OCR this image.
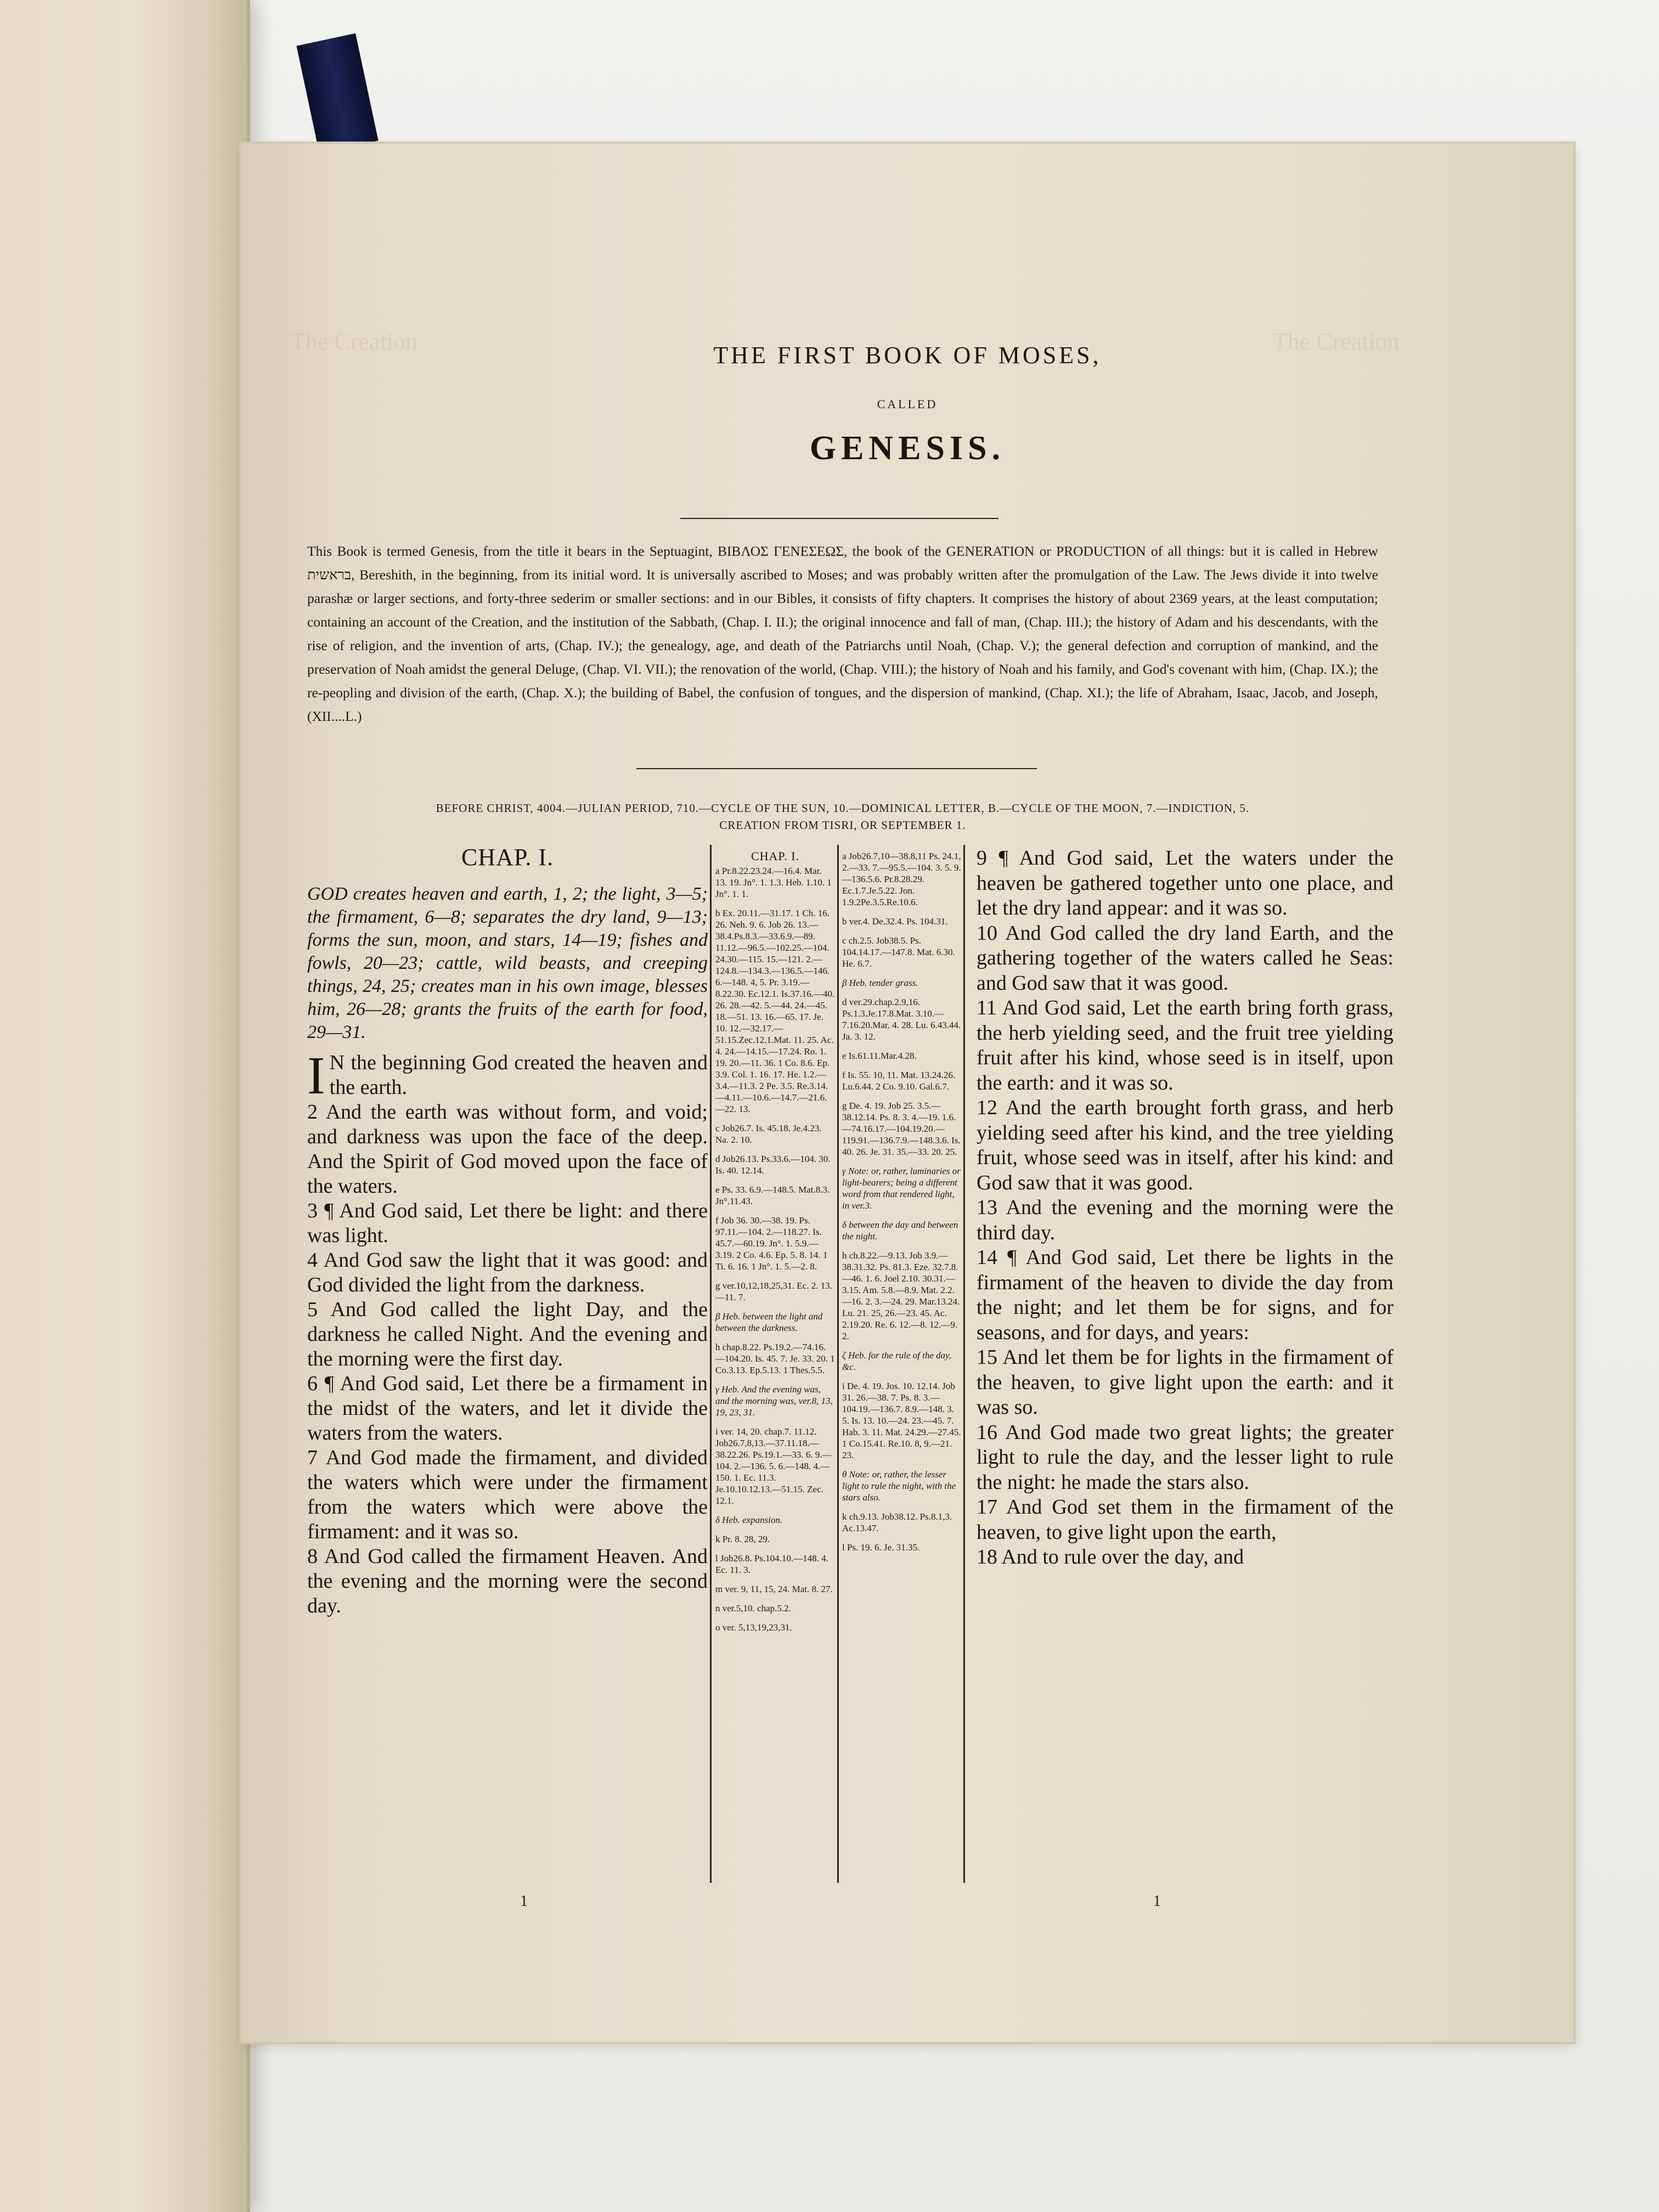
The Creation	The Creation
THE FIRST BOOK OF MOSES,
CALLED
GENESIS.
This Book is termed Genesis, from the title it bears in the Septuagint, ΒΙΒΛΟΣ ΓΕΝΕΣΕΩΣ, the book of the GENERATION or PRODUCTION of all things: but it is called in Hebrew בראשית, Bereshith, in the beginning, from its initial word. It is universally ascribed to Moses; and was probably written after the promulgation of the Law. The Jews divide it into twelve parashæ or larger sections, and forty-three sederim or smaller sections: and in our Bibles, it consists of fifty chapters. It comprises the history of about 2369 years, at the least computation; containing an account of the Creation, and the institution of the Sabbath, (Chap. I. II.); the original innocence and fall of man, (Chap. III.); the history of Adam and his descendants, with the rise of religion, and the invention of arts, (Chap. IV.); the genealogy, age, and death of the Patriarchs until Noah, (Chap. V.); the general defection and corruption of mankind, and the preservation of Noah amidst the general Deluge, (Chap. VI. VII.); the renovation of the world, (Chap. VIII.); the history of Noah and his family, and God's covenant with him, (Chap. IX.); the re-peopling and division of the earth, (Chap. X.); the building of Babel, the confusion of tongues, and the dispersion of mankind, (Chap. XI.); the life of Abraham, Isaac, Jacob, and Joseph, (XII....L.)
BEFORE CHRIST, 4004.—JULIAN PERIOD, 710.—CYCLE OF THE SUN, 10.—DOMINICAL LETTER, B.—CYCLE OF THE MOON, 7.—INDICTION, 5.
CREATION FROM TISRI, OR SEPTEMBER 1.
CHAP. I.
GOD creates heaven and earth, 1, 2; the light, 3—5; the firmament, 6—8; separates the dry land, 9—13; forms the sun, moon, and stars, 14—19; fishes and fowls, 20—23; cattle, wild beasts, and creeping things, 24, 25; creates man in his own image, blesses him, 26—28; grants the fruits of the earth for food, 29—31.

I N the beginning God created the heaven and the earth.

2 And the earth was without form, and void; and darkness was upon the face of the deep. And the Spirit of God moved upon the face of the waters.

3 ¶ And God said, Let there be light: and there was light.

4 And God saw the light that it was good: and God divided the light from the darkness.

5 And God called the light Day, and the darkness he called Night. And the evening and the morning were the first day.

6 ¶ And God said, Let there be a firmament in the midst of the waters, and let it divide the waters from the waters.

7 And God made the firmament, and divided the waters which were under the firmament from the waters which were above the firmament: and it was so.

8 And God called the firmament Heaven. And the evening and the morning were the second day.

CHAP. I.
a Pr.8.22.23.24.—16.4. Mar. 13. 19. Jn°. 1. 1.3. Heb. 1.10. 1 Jn°. 1. 1.
b Ex. 20.11.—31.17. 1 Ch. 16. 26. Neh. 9. 6. Job 26. 13.—38.4.Ps.8.3.—33.6.9.—89. 11.12.—96.5.—102.25.—104. 24.30.—115. 15.—121. 2.—124.8.—134.3.—136.5.—146. 6.—148. 4, 5. Pr. 3.19.—8.22.30. Ec.12.1. Is.37.16.—40. 26. 28.—42. 5.—44. 24.—45. 18.—51. 13. 16.—65. 17. Je. 10. 12.—32.17.—51.15.Zec.12.1.Mat. 11. 25. Ac. 4. 24.—14.15.—17.24. Ro. 1. 19. 20.—11. 36. 1 Co. 8.6. Ep. 3.9. Col. 1. 16. 17. He. 1.2.—3.4.—11.3. 2 Pe. 3.5. Re.3.14.—4.11.—10.6.—14.7.—21.6.—22. 13.
c Job26.7. Is. 45.18. Je.4.23. Na. 2. 10.
d Job26.13. Ps.33.6.—104. 30. Is. 40. 12.14.
e Ps. 33. 6.9.—148.5. Mat.8.3. Jn°.11.43.
f Job 36. 30.—38. 19. Ps. 97.11.—104. 2.—118.27. Is. 45.7.—60.19. Jn°. 1. 5.9.—3.19. 2 Co. 4.6. Ep. 5. 8. 14. 1 Ti. 6. 16. 1 Jn°. 1. 5.—2. 8.
g ver.10,12,18,25,31. Ec. 2. 13.—11. 7.
β Heb. between the light and between the darkness.
h chap.8.22. Ps.19.2.—74.16.—104.20. Is. 45. 7. Je. 33. 20. 1 Co.3.13. Ep.5.13. 1 Thes.5.5.
γ Heb. And the evening was, and the morning was, ver.8, 13, 19, 23, 31.
i ver. 14, 20. chap.7. 11.12. Job26.7,8,13.—37.11.18.—38.22.26. Ps.19.1.—33. 6. 9.—104. 2.—136. 5. 6.—148. 4.—150. 1. Ec. 11.3. Je.10.10.12.13.—51.15. Zec. 12.1.
δ Heb. expansion.
k Pr. 8. 28, 29.
l Job26.8. Ps.104.10.—148. 4. Ec. 11. 3.
m ver. 9, 11, 15, 24. Mat. 8. 27.
n ver.5,10. chap.5.2.
o ver. 5,13,19,23,31.
a Job26.7,10—38.8,11 Ps. 24.1, 2.—33. 7.—95.5.—104. 3. 5. 9.—136.5.6. Pr.8.28.29. Ec.1.7.Je.5.22. Jon. 1.9.2Pe.3.5.Re.10.6.
b ver.4. De.32.4. Ps. 104.31.
c ch.2.5. Job38.5. Ps. 104.14.17.—147.8. Mat. 6.30. He. 6.7.
β Heb. tender grass.
d ver.29.chap.2.9,16. Ps.1.3.Je.17.8.Mat. 3.10.—7.16.20.Mar. 4. 28. Lu. 6.43.44. Ja. 3. 12.
e Is.61.11.Mar.4.28.
f Is. 55. 10, 11. Mat. 13.24.26. Lu.6.44. 2 Co. 9.10. Gal.6.7.
g De. 4. 19. Job 25. 3.5.—38.12.14. Ps. 8. 3. 4.—19. 1.6.—74.16.17.—104.19.20.—119.91.—136.7.9.—148.3.6. Is. 40. 26. Je. 31. 35.—33. 20. 25.
γ Note: or, rather, luminaries or light-bearers; being a different word from that rendered light, in ver.3.
δ between the day and between the night.
h ch.8.22.—9.13. Job 3.9.—38.31.32. Ps. 81.3. Eze. 32.7.8.—46. 1. 6. Joel 2.10. 30.31.—3.15. Am. 5.8.—8.9. Mat. 2.2.—16. 2. 3.—24. 29. Mar.13.24. Lu. 21. 25, 26.—23. 45. Ac. 2.19.20. Re. 6. 12.—8. 12.—9. 2.
ζ Heb. for the rule of the day, &c.
i De. 4. 19. Jos. 10. 12.14. Job 31. 26.—38. 7. Ps. 8. 3.—104.19.—136.7. 8.9.—148. 3. 5. Is. 13. 10.—24. 23.—45. 7. Hab. 3. 11. Mat. 24.29.—27.45. 1 Co.15.41. Re.10. 8, 9.—21. 23.
θ Note: or, rather, the lesser light to rule the night, with the stars also.
k ch.9.13. Job38.12. Ps.8.1,3. Ac.13.47.
l Ps. 19. 6. Je. 31.35.

9 ¶ And God said, Let the waters under the heaven be gathered together unto one place, and let the dry land appear: and it was so.

10 And God called the dry land Earth, and the gathering together of the waters called he Seas: and God saw that it was good.

11 And God said, Let the earth bring forth grass, the herb yielding seed, and the fruit tree yielding fruit after his kind, whose seed is in itself, upon the earth: and it was so.

12 And the earth brought forth grass, and herb yielding seed after his kind, and the tree yielding fruit, whose seed was in itself, after his kind: and God saw that it was good.

13 And the evening and the morning were the third day.

14 ¶ And God said, Let there be lights in the firmament of the heaven to divide the day from the night; and let them be for signs, and for seasons, and for days, and years:

15 And let them be for lights in the firmament of the heaven, to give light upon the earth: and it was so.

16 And God made two great lights; the greater light to rule the day, and the lesser light to rule the night: he made the stars also.

17 And God set them in the firmament of the heaven, to give light upon the earth,

18 And to rule over the day, and

1	1
